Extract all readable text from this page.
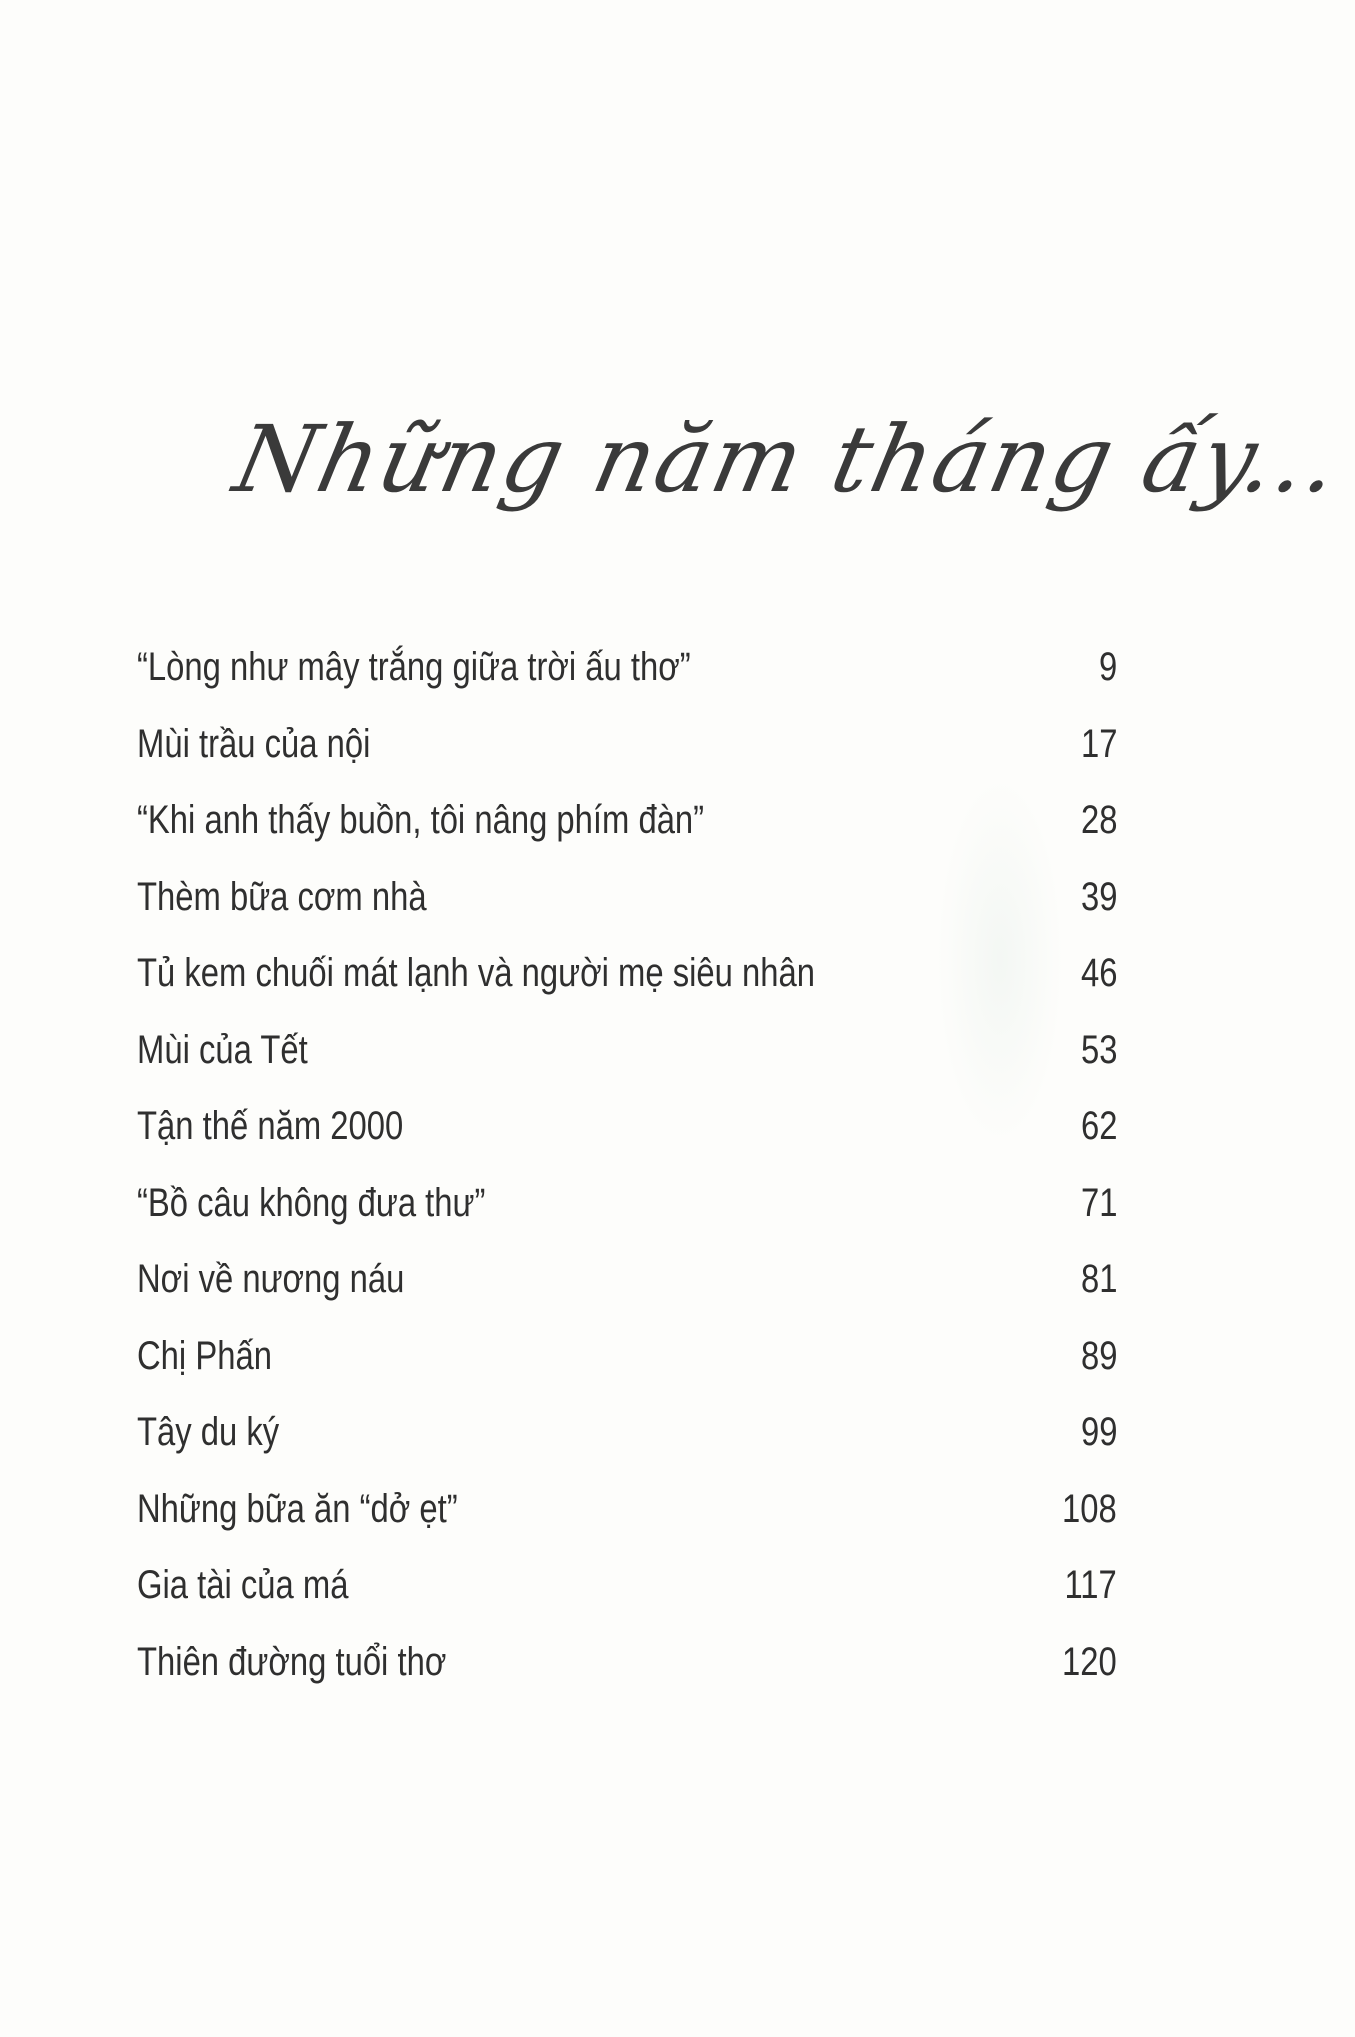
Những năm tháng ấy...
“Lòng như mây trắng giữa trời ấu thơ”	9
Mùi trầu của nội	17
“Khi anh thấy buồn, tôi nâng phím đàn”	28
Thèm bữa cơm nhà	39
Tủ kem chuối mát lạnh và người mẹ siêu nhân	46
Mùi của Tết	53
Tận thế năm 2000	62
“Bồ câu không đưa thư”	71
Nơi về nương náu	81
Chị Phấn	89
Tây du ký	99
Những bữa ăn “dở ẹt”	108
Gia tài của má	117
Thiên đường tuổi thơ	120
